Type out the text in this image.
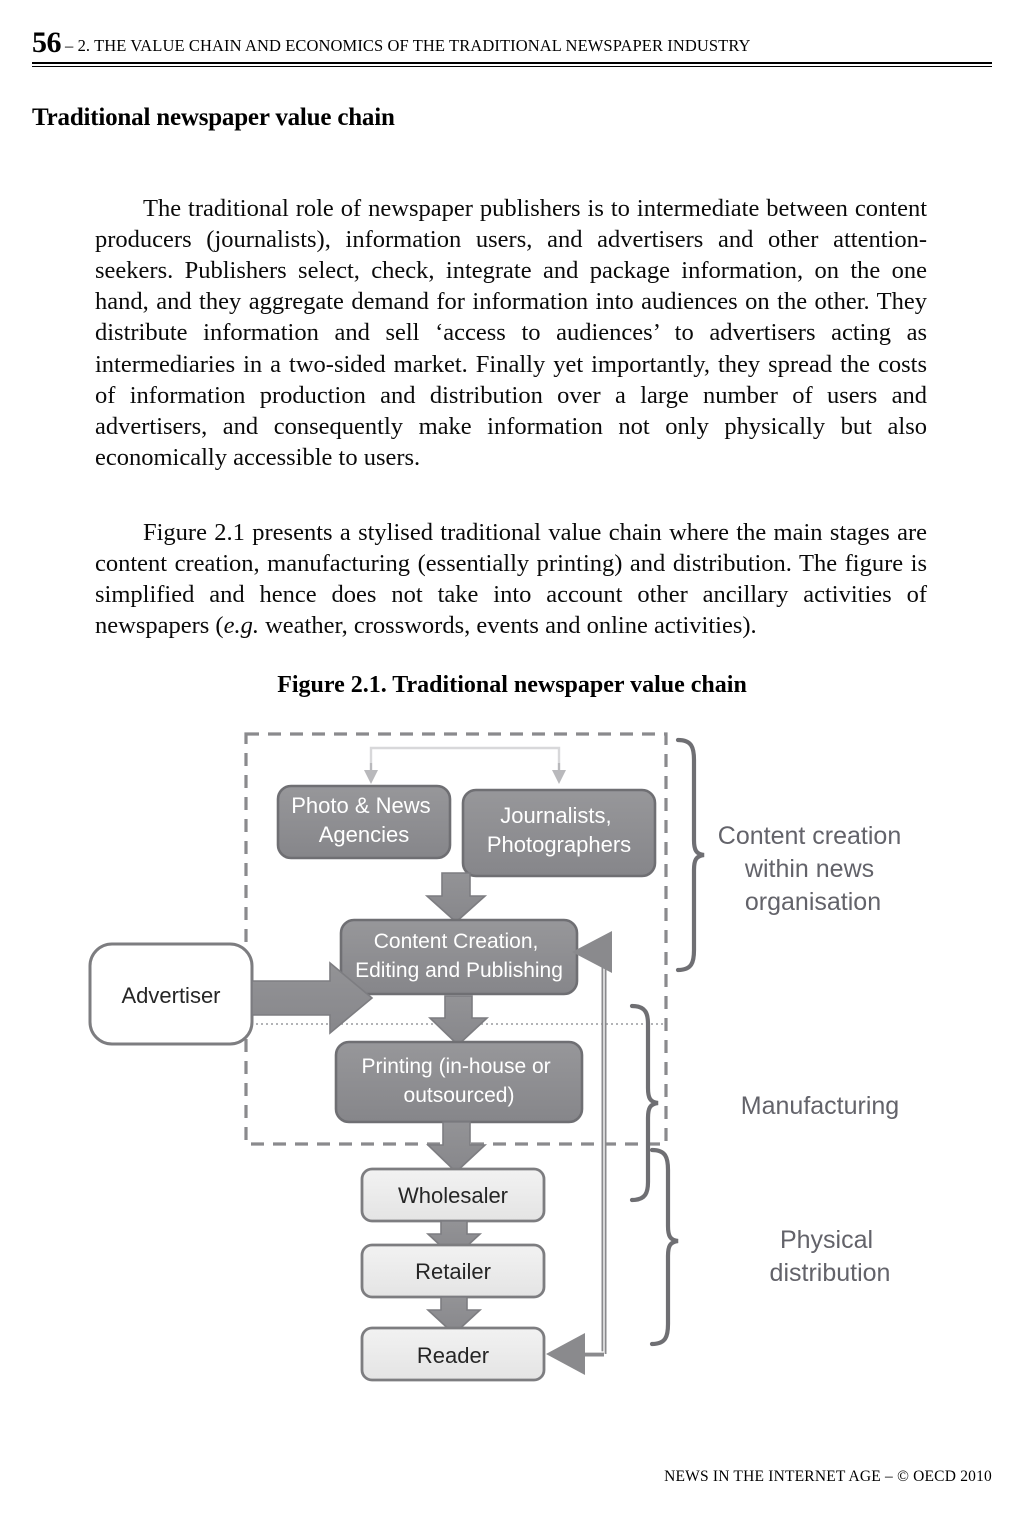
56 – 2. THE VALUE CHAIN AND ECONOMICS OF THE TRADITIONAL NEWSPAPER INDUSTRY
Traditional newspaper value chain

The traditional role of newspaper publishers is to intermediate between content producers (journalists), information users, and advertisers and other attention-seekers. Publishers select, check, integrate and package information, on the one hand, and they aggregate demand for information into audiences on the other. They distribute information and sell ‘access to audiences’ to advertisers acting as intermediaries in a two-sided market. Finally yet importantly, they spread the costs of information production and distribution over a large number of users and advertisers, and consequently make information not only physically but also economically accessible to users.

Figure 2.1 presents a stylised traditional value chain where the main stages are content creation, manufacturing (essentially printing) and distribution. The figure is simplified and hence does not take into account other ancillary activities of newspapers (e.g. weather, crosswords, events and online activities).

Figure 2.1. Traditional newspaper value chain
Photo & News Agencies
Journalists, Photographers
Content Creation, Editing and Publishing
Advertiser
Printing (in-house or outsourced)
Wholesaler
Retailer
Reader
Content creation within news organisation
Manufacturing
Physical distribution
NEWS IN THE INTERNET AGE – © OECD 2010
